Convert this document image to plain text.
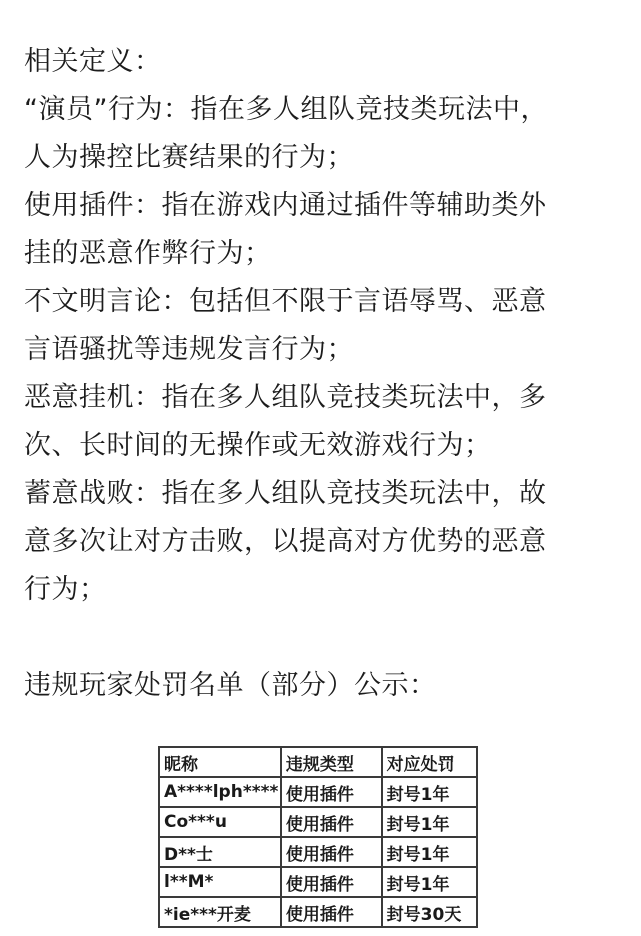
相关定义：
“演员”行为：指在多人组队竞技类玩法中，
人为操控比赛结果的行为；
使用插件：指在游戏内通过插件等辅助类外
挂的恶意作弊行为；
不文明言论：包括但不限于言语辱骂、恶意
言语骚扰等违规发言行为；
恶意挂机：指在多人组队竞技类玩法中，多
次、长时间的无操作或无效游戏行为；
蓄意战败：指在多人组队竞技类玩法中，故
意多次让对方击败，以提高对方优势的恶意
行为；
违规玩家处罚名单（部分）公示：
昵称	违规类型	对应处罚
A****lph****	使用插件	封号1年
Co***u	使用插件	封号1年
D**士	使用插件	封号1年
l**M*	使用插件	封号1年
*ie***开麦	使用插件	封号30天
